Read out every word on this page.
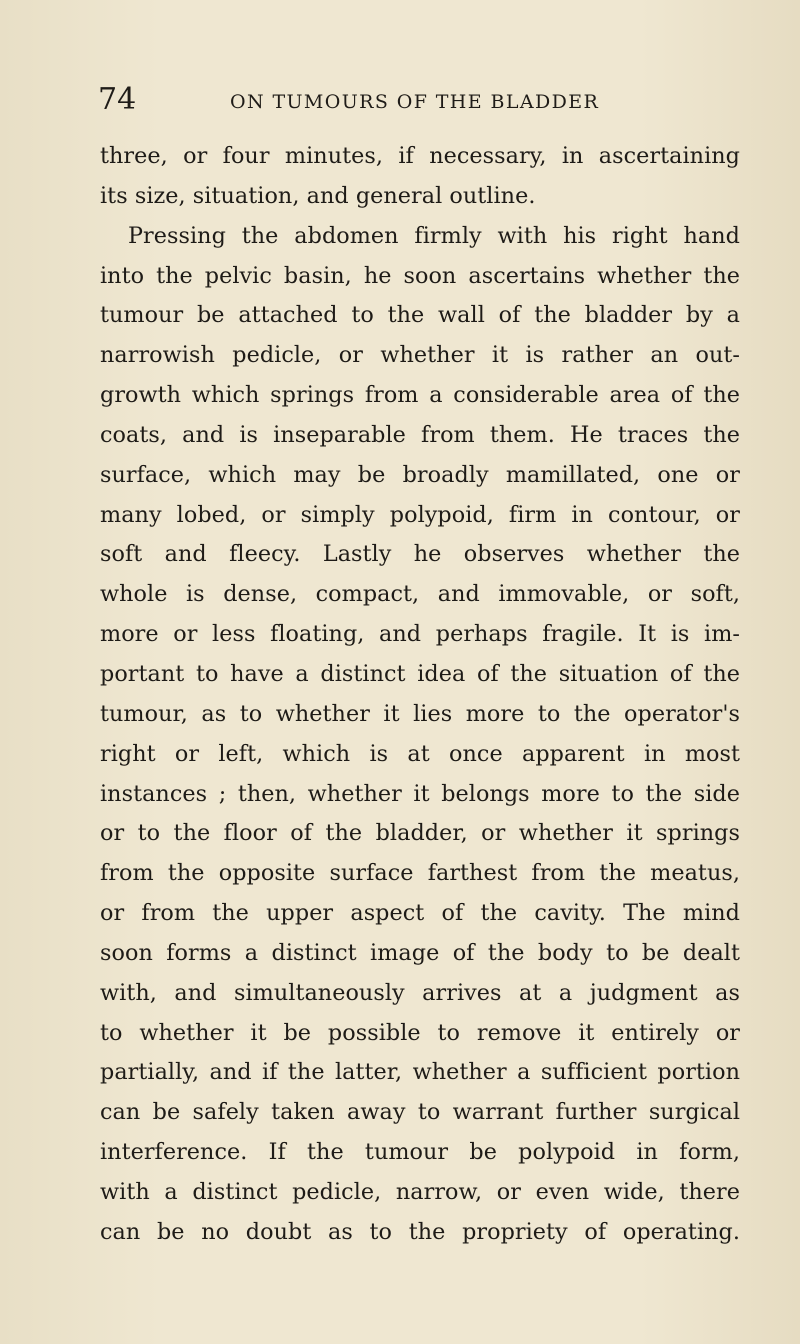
74	ON TUMOURS OF THE BLADDER
three, or four minutes, if necessary, in ascertaining
its size, situation, and general outline.
Pressing the abdomen firmly with his right hand
into the pelvic basin, he soon ascertains whether the
tumour be attached to the wall of the bladder by a
narrowish pedicle, or whether it is rather an out-
growth which springs from a considerable area of the
coats, and is inseparable from them. He traces the
surface, which may be broadly mamillated, one or
many lobed, or simply polypoid, firm in contour, or
soft and fleecy. Lastly he observes whether the
whole is dense, compact, and immovable, or soft,
more or less floating, and perhaps fragile. It is im-
portant to have a distinct idea of the situation of the
tumour, as to whether it lies more to the operator's
right or left, which is at once apparent in most
instances ; then, whether it belongs more to the side
or to the floor of the bladder, or whether it springs
from the opposite surface farthest from the meatus,
or from the upper aspect of the cavity. The mind
soon forms a distinct image of the body to be dealt
with, and simultaneously arrives at a judgment as
to whether it be possible to remove it entirely or
partially, and if the latter, whether a sufficient portion
can be safely taken away to warrant further surgical
interference. If the tumour be polypoid in form,
with a distinct pedicle, narrow, or even wide, there
can be no doubt as to the propriety of operating.
